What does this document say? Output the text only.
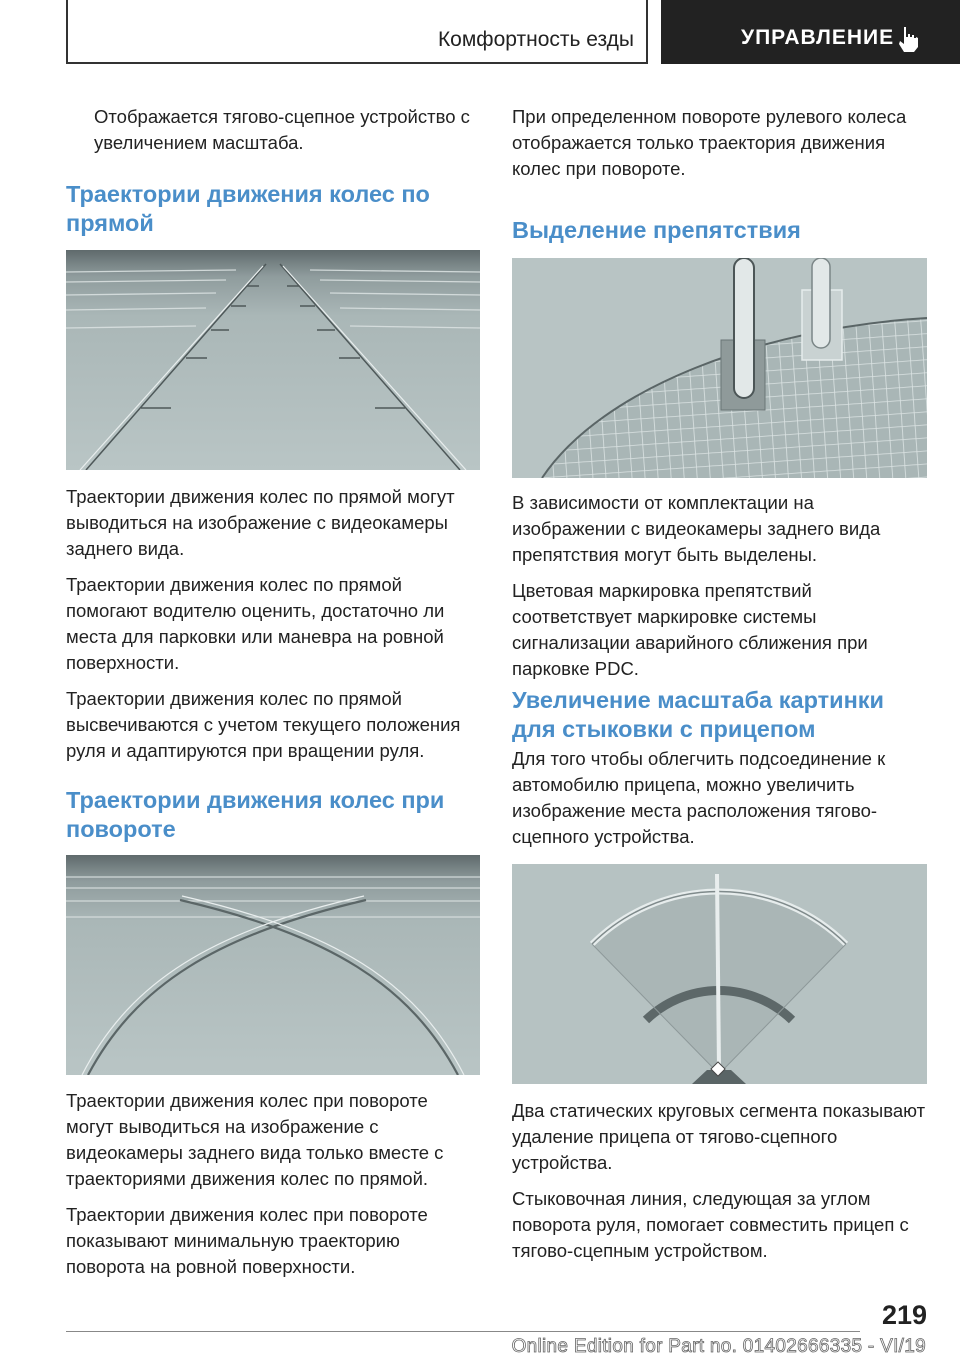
Комфортность езды	УПРАВЛЕНИЕ

Отображается тягово-сцепное устройство с увеличением масштаба.

Траектории движения колес по прямой

Траектории движения колес по прямой могут выводиться на изображение с видеокамеры заднего вида.

Траектории движения колес по прямой помогают водителю оценить, достаточно ли места для парковки или маневра на ровной поверхности.

Траектории движения колес по прямой высвечиваются с учетом текущего положения руля и адаптируются при вращении руля.

Траектории движения колес при повороте

Траектории движения колес при повороте могут выводиться на изображение с видеокамеры заднего вида только вместе с траекториями движения колес по прямой.

Траектории движения колес при повороте показывают минимальную траекторию поворота на ровной поверхности.

При определенном повороте рулевого колеса отображается только траектория движения колес при повороте.

Выделение препятствия

В зависимости от комплектации на изображении с видеокамеры заднего вида препятствия могут быть выделены.

Цветовая маркировка препятствий соответствует маркировке системы сигнализации аварийного сближения при парковке PDC.

Увеличение масштаба картинки для стыковки с прицепом

Для того чтобы облегчить подсоединение к автомобилю прицепа, можно увеличить изображение места расположения тягово-сцепного устройства.

Два статических круговых сегмента показывают удаление прицепа от тягово-сцепного устройства.

Стыковочная линия, следующая за углом поворота руля, помогает совместить прицеп с тягово-сцепным устройством.

219
Online Edition for Part no. 01402666335 - VI/19
